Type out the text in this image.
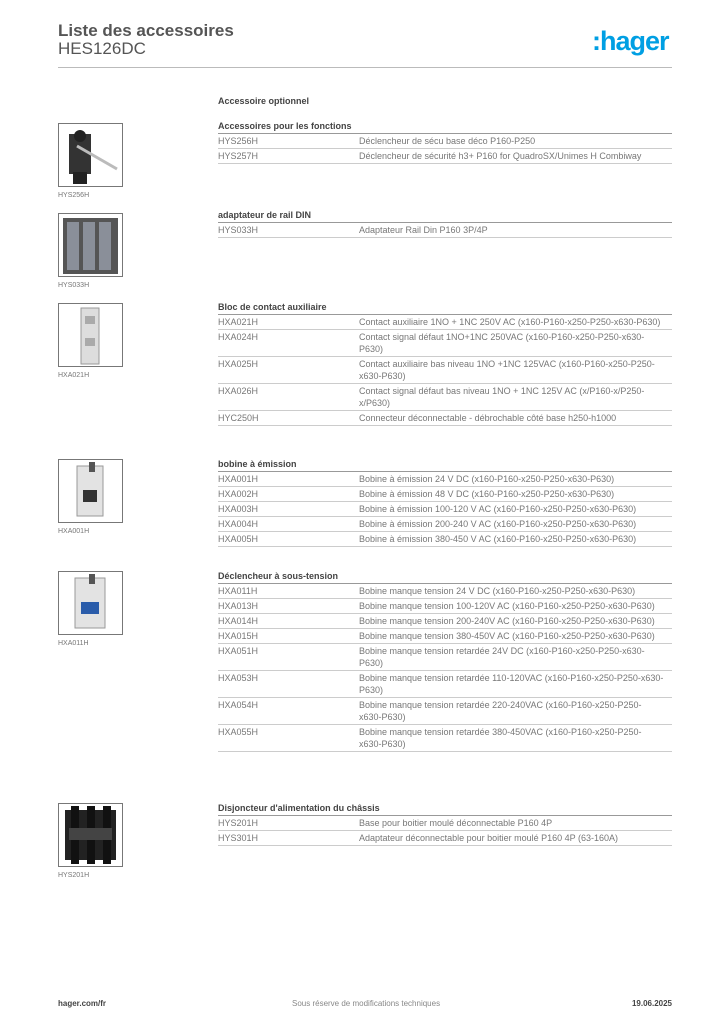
Liste des accessoires
HES126DC	:hager
Accessoire optionnel
Accessoires pour les fonctions
HYS256H	Déclencheur de sécu base déco P160-P250
HYS257H	Déclencheur de sécurité h3+ P160 for QuadroSX/Unimes H Combiway
HYS256H
adaptateur de rail DIN
HYS033H	Adaptateur Rail Din P160 3P/4P
HYS033H
Bloc de contact auxiliaire
HXA021H	Contact auxiliaire 1NO + 1NC 250V AC (x160-P160-x250-P250-x630-P630)
HXA024H	Contact signal défaut 1NO+1NC 250VAC (x160-P160-x250-P250-x630-P630)
HXA025H	Contact auxiliaire bas niveau 1NO +1NC 125VAC (x160-P160-x250-P250-x630-P630)
HXA026H	Contact signal défaut bas niveau 1NO + 1NC 125V AC (x/P160-x/P250-x/P630)
HYC250H	Connecteur déconnectable - débrochable côté base h250-h1000
HXA021H
bobine à émission
HXA001H	Bobine à émission 24 V DC (x160-P160-x250-P250-x630-P630)
HXA002H	Bobine à émission 48 V DC (x160-P160-x250-P250-x630-P630)
HXA003H	Bobine à émission 100-120 V AC (x160-P160-x250-P250-x630-P630)
HXA004H	Bobine à émission 200-240 V AC (x160-P160-x250-P250-x630-P630)
HXA005H	Bobine à émission 380-450 V AC (x160-P160-x250-P250-x630-P630)
HXA001H
Déclencheur à sous-tension
HXA011H	Bobine manque tension 24 V DC (x160-P160-x250-P250-x630-P630)
HXA013H	Bobine manque tension 100-120V AC (x160-P160-x250-P250-x630-P630)
HXA014H	Bobine manque tension 200-240V AC (x160-P160-x250-P250-x630-P630)
HXA015H	Bobine manque tension 380-450V AC (x160-P160-x250-P250-x630-P630)
HXA051H	Bobine manque tension retardée 24V DC (x160-P160-x250-P250-x630-P630)
HXA053H	Bobine manque tension retardée 110-120VAC (x160-P160-x250-P250-x630-P630)
HXA054H	Bobine manque tension retardée 220-240VAC (x160-P160-x250-P250-x630-P630)
HXA055H	Bobine manque tension retardée 380-450VAC (x160-P160-x250-P250-x630-P630)
HXA011H
Disjoncteur d'alimentation du châssis
HYS201H	Base pour boitier moulé déconnectable P160 4P
HYS301H	Adaptateur déconnectable pour boitier moulé P160 4P (63-160A)
HYS201H
hager.com/fr	Sous réserve de modifications techniques	19.06.2025
